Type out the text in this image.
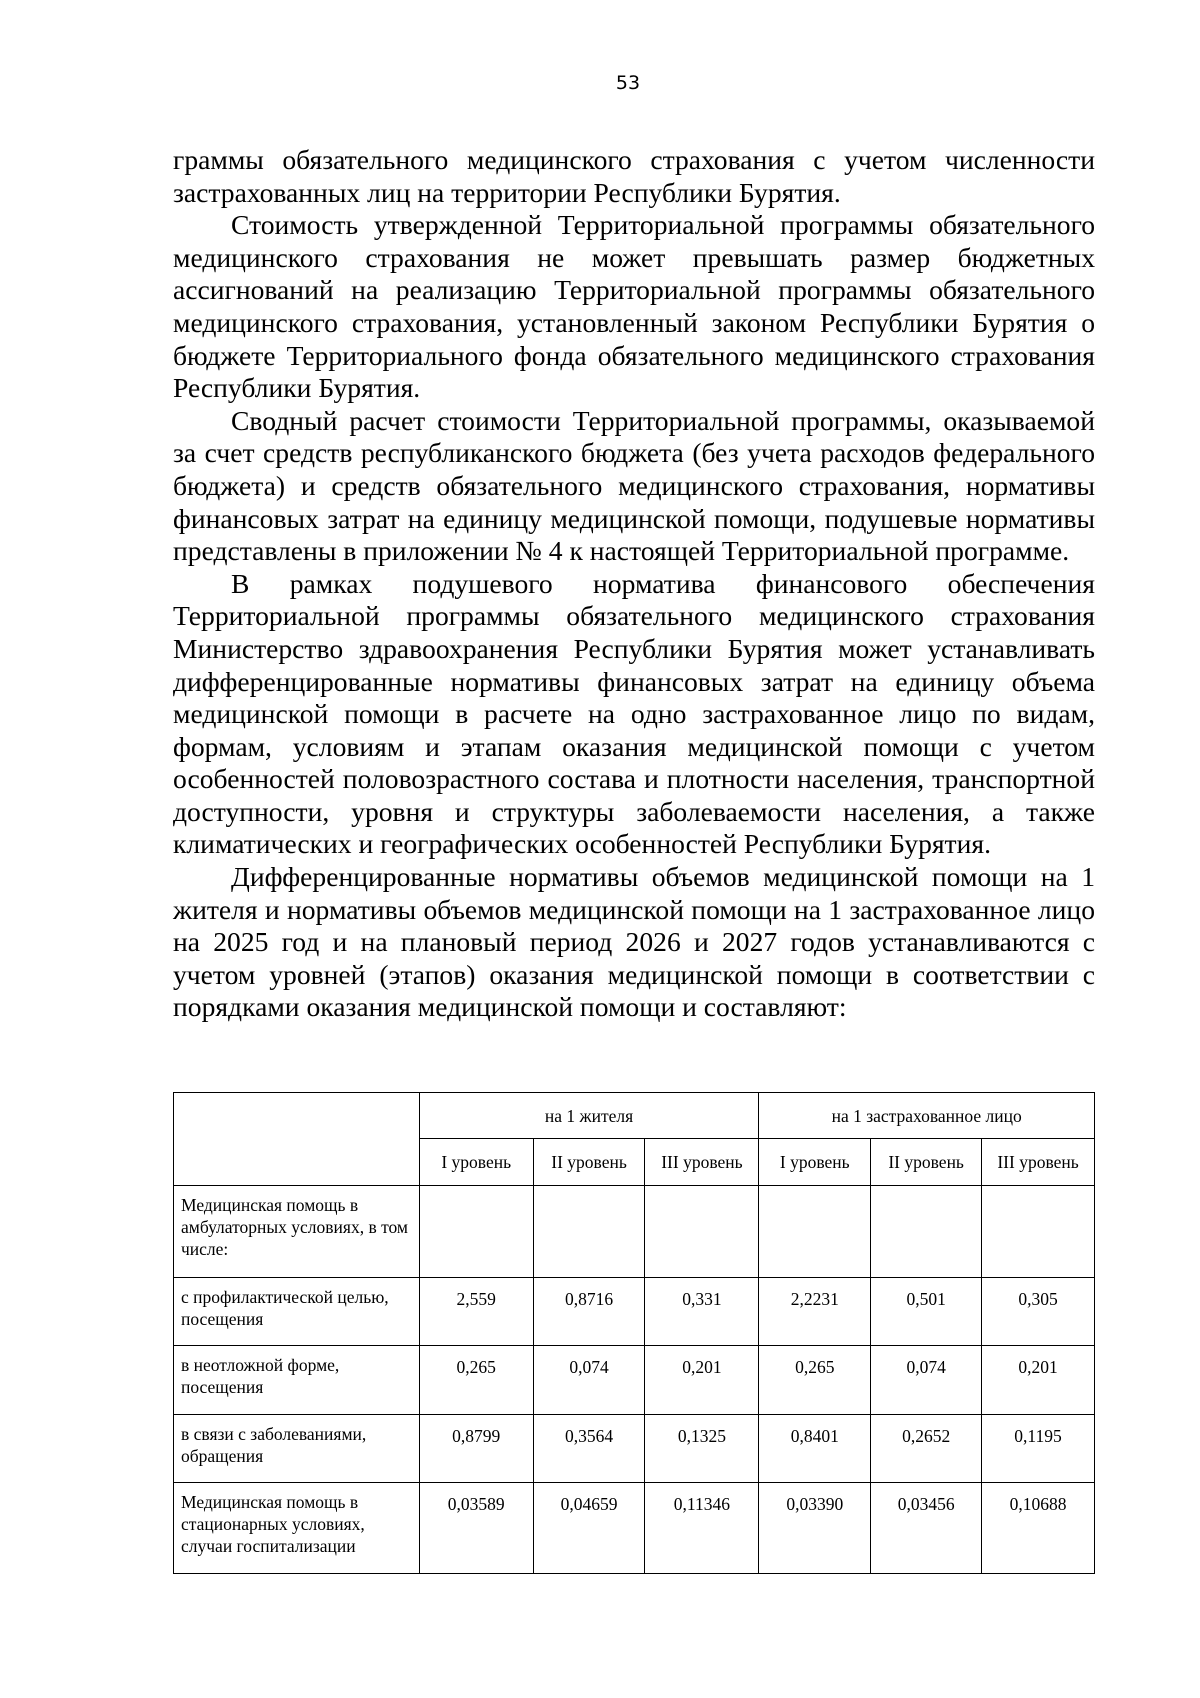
53

граммы обязательного медицинского страхования с учетом численности застрахованных лиц на территории Республики Бурятия.

Стоимость утвержденной Территориальной программы обязательного медицинского страхования не может превышать размер бюджетных ассигнований на реализацию Территориальной программы обязательного медицинского страхования, установленный законом Республики Бурятия о бюджете Территориального фонда обязательного медицинского страхования Республики Бурятия.

Сводный расчет стоимости Территориальной программы, оказываемой за счет средств республиканского бюджета (без учета расходов федерального бюджета) и средств обязательного медицинского страхования, нормативы финансовых затрат на единицу медицинской помощи, подушевые нормативы представлены в приложении № 4 к настоящей Территориальной программе.

В рамках подушевого норматива финансового обеспечения Территориальной программы обязательного медицинского страхования Министерство здравоохранения Республики Бурятия может устанавливать дифференцированные нормативы финансовых затрат на единицу объема медицинской помощи в расчете на одно застрахованное лицо по видам, формам, условиям и этапам оказания медицинской помощи с учетом особенностей половозрастного состава и плотности населения, транспортной доступности, уровня и структуры заболеваемости населения, а также климатических и географических особенностей Республики Бурятия.

Дифференцированные нормативы объемов медицинской помощи на 1 жителя и нормативы объемов медицинской помощи на 1 застрахованное лицо на 2025 год и на плановый период 2026 и 2027 годов устанавливаются с учетом уровней (этапов) оказания медицинской помощи в соответствии с порядками оказания медицинской помощи и составляют:

	на 1 жителя			на 1 застрахованное лицо		
	I уровень	II уровень	III уровень	I уровень	II уровень	III уровень
Медицинская помощь в амбулаторных условиях, в том числе:						
с профилактической целью, посещения	2,559	0,8716	0,331	2,2231	0,501	0,305
в неотложной форме, посещения	0,265	0,074	0,201	0,265	0,074	0,201
в связи с заболеваниями, обращения	0,8799	0,3564	0,1325	0,8401	0,2652	0,1195
Медицинская помощь в стационарных условиях, случаи госпитализации	0,03589	0,04659	0,11346	0,03390	0,03456	0,10688
